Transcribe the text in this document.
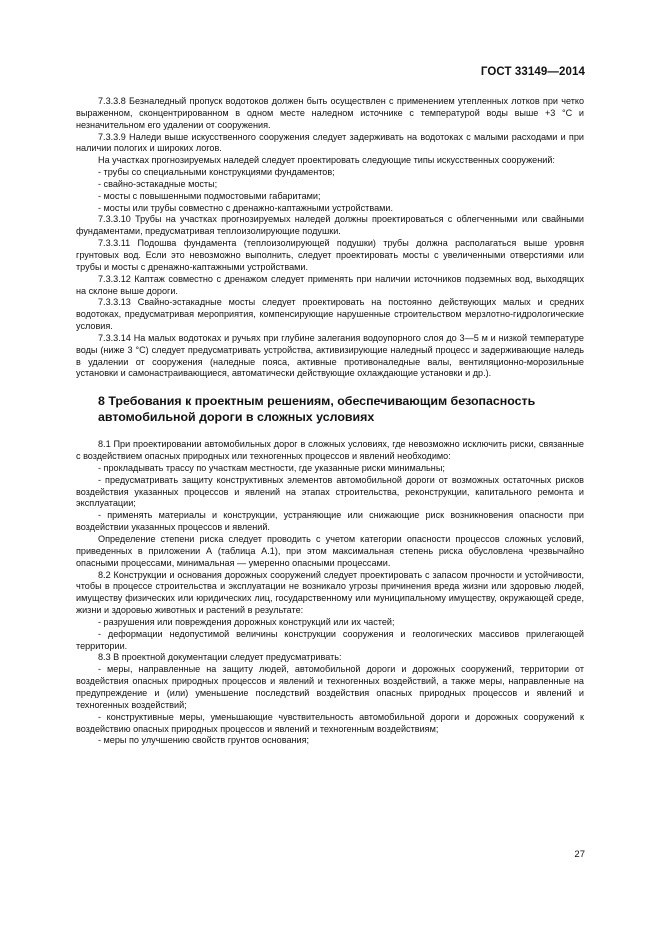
ГОСТ 33149—2014

7.3.3.8 Безналедный пропуск водотоков должен быть осуществлен с применением утепленных лотков при четко выраженном, сконцентрированном в одном месте наледном источнике с температурой воды выше +3 °С и незначительном его удалении от сооружения.

7.3.3.9 Наледи выше искусственного сооружения следует задерживать на водотоках с малыми расходами и при наличии пологих и широких логов.

На участках прогнозируемых наледей следует проектировать следующие типы искусственных сооружений:

- трубы со специальными конструкциями фундаментов;

- свайно-эстакадные мосты;

- мосты с повышенными подмостовыми габаритами;

- мосты или трубы совместно с дренажно-каптажными устройствами.

7.3.3.10 Трубы на участках прогнозируемых наледей должны проектироваться с облегченными или свайными фундаментами, предусматривая теплоизолирующие подушки.

7.3.3.11 Подошва фундамента (теплоизолирующей подушки) трубы должна располагаться выше уровня грунтовых вод. Если это невозможно выполнить, следует проектировать мосты с увеличенными отверстиями или трубы и мосты с дренажно-каптажными устройствами.

7.3.3.12 Каптаж совместно с дренажом следует применять при наличии источников подземных вод, выходящих на склоне выше дороги.

7.3.3.13 Свайно-эстакадные мосты следует проектировать на постоянно действующих малых и средних водотоках, предусматривая мероприятия, компенсирующие нарушенные строительством мерзлотно-гидрологические условия.

7.3.3.14 На малых водотоках и ручьях при глубине залегания водоупорного слоя до 3—5 м и низкой температуре воды (ниже 3 °С) следует предусматривать устройства, активизирующие наледный процесс и задерживающие наледь в удалении от сооружения (наледные пояса, активные противоналедные валы, вентиляционно-морозильные установки и самонастраивающиеся, автоматически действующие охлаждающие установки и др.).

8 Требования к проектным решениям, обеспечивающим безопасность автомобильной дороги в сложных условиях

8.1 При проектировании автомобильных дорог в сложных условиях, где невозможно исключить риски, связанные с воздействием опасных природных или техногенных процессов и явлений необходимо:

- прокладывать трассу по участкам местности, где указанные риски минимальны;

- предусматривать защиту конструктивных элементов автомобильной дороги от возможных остаточных рисков воздействия указанных процессов и явлений на этапах строительства, реконструкции, капитального ремонта и эксплуатации;

- применять материалы и конструкции, устраняющие или снижающие риск возникновения опасности при воздействии указанных процессов и явлений.

Определение степени риска следует проводить с учетом категории опасности процессов сложных условий, приведенных в приложении А (таблица А.1), при этом максимальная степень риска обусловлена чрезвычайно опасными процессами, минимальная — умеренно опасными процессами.

8.2 Конструкции и основания дорожных сооружений следует проектировать с запасом прочности и устойчивости, чтобы в процессе строительства и эксплуатации не возникало угрозы причинения вреда жизни или здоровью людей, имуществу физических или юридических лиц, государственному или муниципальному имуществу, окружающей среде, жизни и здоровью животных и растений в результате:

- разрушения или повреждения дорожных конструкций или их частей;

- деформации недопустимой величины конструкции сооружения и геологических массивов прилегающей территории.

8.3 В проектной документации следует предусматривать:

- меры, направленные на защиту людей, автомобильной дороги и дорожных сооружений, территории от воздействия опасных природных процессов и явлений и техногенных воздействий, а также меры, направленные на предупреждение и (или) уменьшение последствий воздействия опасных природных процессов и явлений и техногенных воздействий;

- конструктивные меры, уменьшающие чувствительность автомобильной дороги и дорожных сооружений к воздействию опасных природных процессов и явлений и техногенным воздействиям;

- меры по улучшению свойств грунтов основания;

27
